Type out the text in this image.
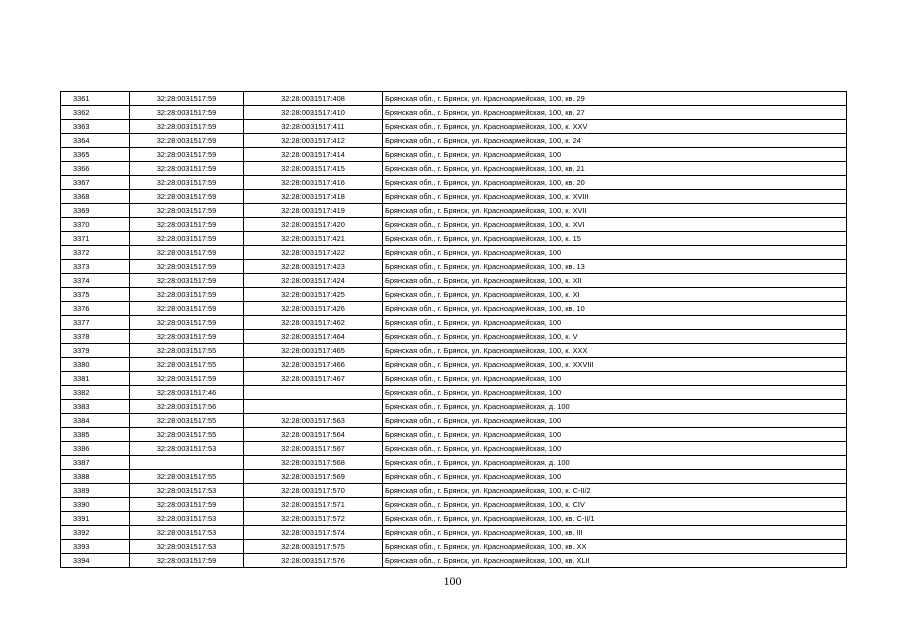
3361	32:28:0031517:59	32:28:0031517:408	Брянская обл., г. Брянск, ул. Красноармейская, 100, кв. 29
3362	32:28:0031517:59	32:28:0031517:410	Брянская обл., г. Брянск, ул. Красноармейская, 100, кв. 27
3363	32:28:0031517:59	32:28:0031517:411	Брянская обл., г. Брянск, ул. Красноармейская, 100, к. XXV
3364	32:28:0031517:59	32:28:0031517:412	Брянская обл., г. Брянск, ул. Красноармейская, 100, к. 24
3365	32:28:0031517:59	32:28:0031517:414	Брянская обл., г. Брянск, ул. Красноармейская, 100
3366	32:28:0031517:59	32:28:0031517:415	Брянская обл., г. Брянск, ул. Красноармейская, 100, кв. 21
3367	32:28:0031517:59	32:28:0031517:416	Брянская обл., г. Брянск, ул. Красноармейская, 100, кв. 20
3368	32:28:0031517:59	32:28:0031517:418	Брянская обл., г. Брянск, ул. Красноармейская, 100, к. XVIII
3369	32:28:0031517:59	32:28:0031517:419	Брянская обл., г. Брянск, ул. Красноармейская, 100, к. XVII
3370	32:28:0031517:59	32:28:0031517:420	Брянская обл., г. Брянск, ул. Красноармейская, 100, к. XVI
3371	32:28:0031517:59	32:28:0031517:421	Брянская обл., г. Брянск, ул. Красноармейская, 100, к. 15
3372	32:28:0031517:59	32:28:0031517:422	Брянская обл., г. Брянск, ул. Красноармейская, 100
3373	32:28:0031517:59	32:28:0031517:423	Брянская обл., г. Брянск, ул. Красноармейская, 100, кв. 13
3374	32:28:0031517:59	32:28:0031517:424	Брянская обл., г. Брянск, ул. Красноармейская, 100, к. XII
3375	32:28:0031517:59	32:28:0031517:425	Брянская обл., г. Брянск, ул. Красноармейская, 100, к. XI
3376	32:28:0031517:59	32:28:0031517:426	Брянская обл., г. Брянск, ул. Красноармейская, 100, кв. 10
3377	32:28:0031517:59	32:28:0031517:462	Брянская обл., г. Брянск, ул. Красноармейская, 100
3378	32:28:0031517:59	32:28:0031517:464	Брянская обл., г. Брянск, ул. Красноармейская, 100, к. V
3379	32:28:0031517:55	32:28:0031517:465	Брянская обл., г. Брянск, ул. Красноармейская, 100, к. XXX
3380	32:28:0031517:55	32:28:0031517:466	Брянская обл., г. Брянск, ул. Красноармейская, 100, к. XXVIII
3381	32:28:0031517:59	32:28:0031517:467	Брянская обл., г. Брянск, ул. Красноармейская, 100
3382	32:28:0031517:46		Брянская обл., г. Брянск, ул. Красноармейская, 100
3383	32:28:0031517:56		Брянская обл., г. Брянск, ул. Красноармейская, д. 100
3384	32:28:0031517:55	32:28:0031517:563	Брянская обл., г. Брянск, ул. Красноармейская, 100
3385	32:28:0031517:55	32:28:0031517:564	Брянская обл., г. Брянск, ул. Красноармейская, 100
3386	32:28:0031517:53	32:28:0031517:567	Брянская обл., г. Брянск, ул. Красноармейская, 100
3387		32:28:0031517:568	Брянская обл., г. Брянск, ул. Красноармейская, д. 100
3388	32:28:0031517:55	32:28:0031517:569	Брянская обл., г. Брянск, ул. Красноармейская, 100
3389	32:28:0031517:53	32:28:0031517:570	Брянская обл., г. Брянск, ул. Красноармейская, 100, к. С-II/2
3390	32:28:0031517:59	32:28:0031517:571	Брянская обл., г. Брянск, ул. Красноармейская, 100, к. CIV
3391	32:28:0031517:53	32:28:0031517:572	Брянская обл., г. Брянск, ул. Красноармейская, 100, кв. С-II/1
3392	32:28:0031517:53	32:28:0031517:574	Брянская обл., г. Брянск, ул. Красноармейская, 100, кв. III
3393	32:28:0031517:53	32:28:0031517:575	Брянская обл., г. Брянск, ул. Красноармейская, 100, кв. XX
3394	32:28:0031517:59	32:28:0031517:576	Брянская обл., г. Брянск, ул. Красноармейская, 100, кв. XLII
100
